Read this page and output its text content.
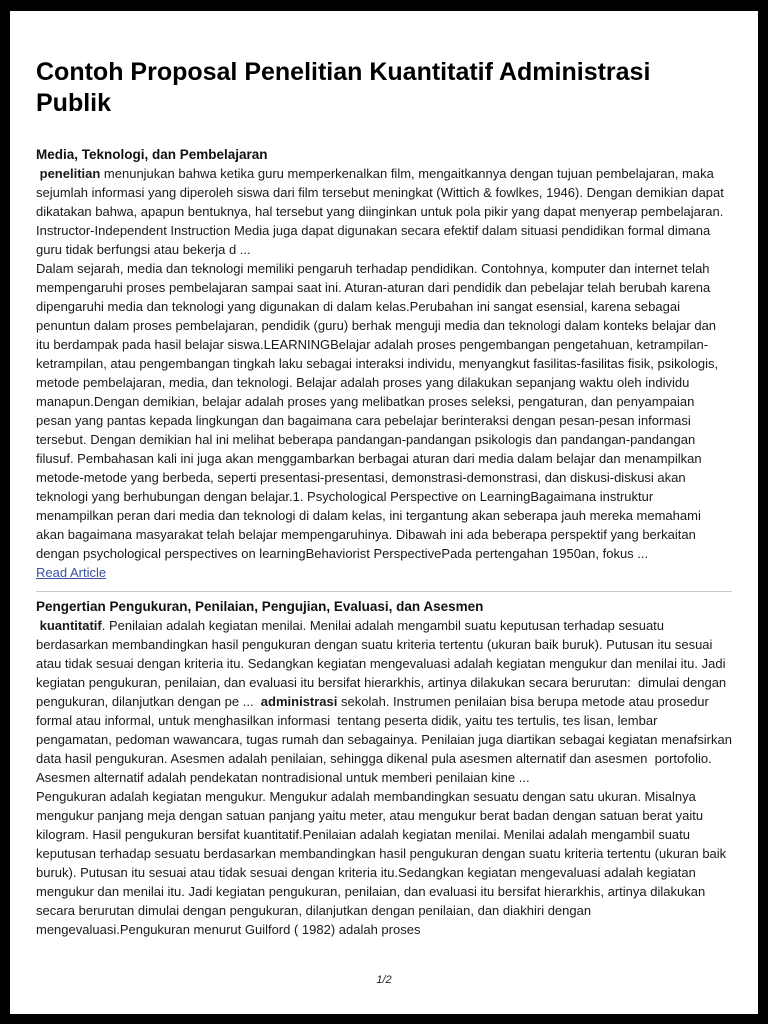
Contoh Proposal Penelitian Kuantitatif Administrasi Publik
Media, Teknologi, dan Pembelajaran

penelitian menunjukan bahwa ketika guru memperkenalkan film, mengaitkannya dengan tujuan pembelajaran, maka sejumlah informasi yang diperoleh siswa dari film tersebut meningkat (Wittich & fowlkes, 1946). Dengan demikian dapat dikatakan bahwa, apapun bentuknya, hal tersebut yang diinginkan untuk pola pikir yang dapat menyerap pembelajaran. Instructor-Independent Instruction Media juga dapat digunakan secara efektif dalam situasi pendidikan formal dimana guru tidak berfungsi atau bekerja d ...

Dalam sejarah, media dan teknologi memiliki pengaruh terhadap pendidikan. Contohnya, komputer dan internet telah mempengaruhi proses pembelajaran sampai saat ini. Aturan-aturan dari pendidik dan pebelajar telah berubah karena dipengaruhi media dan teknologi yang digunakan di dalam kelas.Perubahan ini sangat esensial, karena sebagai penuntun dalam proses pembelajaran, pendidik (guru) berhak menguji media dan teknologi dalam konteks belajar dan itu berdampak pada hasil belajar siswa.LEARNINGBelajar adalah proses pengembangan pengetahuan, ketrampilan-ketrampilan, atau pengembangan tingkah laku sebagai interaksi individu, menyangkut fasilitas-fasilitas fisik, psikologis, metode pembelajaran, media, dan teknologi. Belajar adalah proses yang dilakukan sepanjang waktu oleh individu manapun.Dengan demikian, belajar adalah proses yang melibatkan proses seleksi, pengaturan, dan penyampaian pesan yang pantas kepada lingkungan dan bagaimana cara pebelajar berinteraksi dengan pesan-pesan informasi tersebut. Dengan demikian hal ini melihat beberapa pandangan-pandangan psikologis dan pandangan-pandangan filusuf. Pembahasan kali ini juga akan menggambarkan berbagai aturan dari media dalam belajar dan menampilkan metode-metode yang berbeda, seperti presentasi-presentasi, demonstrasi-demonstrasi, dan diskusi-diskusi akan teknologi yang berhubungan dengan belajar.1. Psychological Perspective on LearningBagaimana instruktur menampilkan peran dari media dan teknologi di dalam kelas, ini tergantung akan seberapa jauh mereka memahami akan bagaimana masyarakat telah belajar mempengaruhinya. Dibawah ini ada beberapa perspektif yang berkaitan dengan psychological perspectives on learningBehaviorist PerspectivePada pertengahan 1950an, fokus ...

Read Article
Pengertian Pengukuran, Penilaian, Pengujian, Evaluasi, dan Asesmen

kuantitatif. Penilaian adalah kegiatan menilai. Menilai adalah mengambil suatu keputusan terhadap sesuatu berdasarkan membandingkan hasil pengukuran dengan suatu kriteria tertentu (ukuran baik buruk). Putusan itu sesuai atau tidak sesuai dengan kriteria itu. Sedangkan kegiatan mengevaluasi adalah kegiatan mengukur dan menilai itu. Jadi kegiatan pengukuran, penilaian, dan evaluasi itu bersifat hierarkhis, artinya dilakukan secara berurutan:  dimulai dengan pengukuran, dilanjutkan dengan pe ...  administrasi sekolah. Instrumen penilaian bisa berupa metode atau prosedur formal atau informal, untuk menghasilkan informasi  tentang peserta didik, yaitu tes tertulis, tes lisan, lembar pengamatan, pedoman wawancara, tugas rumah dan sebagainya. Penilaian juga diartikan sebagai kegiatan menafsirkan data hasil pengukuran. Asesmen adalah penilaian, sehingga dikenal pula asesmen alternatif dan asesmen  portofolio. Asesmen alternatif adalah pendekatan nontradisional untuk memberi penilaian kine ...

Pengukuran adalah kegiatan mengukur. Mengukur adalah membandingkan sesuatu dengan satu ukuran. Misalnya mengukur panjang meja dengan satuan panjang yaitu meter, atau mengukur berat badan dengan satuan berat yaitu kilogram. Hasil pengukuran bersifat kuantitatif.Penilaian adalah kegiatan menilai. Menilai adalah mengambil suatu keputusan terhadap sesuatu berdasarkan membandingkan hasil pengukuran dengan suatu kriteria tertentu (ukuran baik buruk). Putusan itu sesuai atau tidak sesuai dengan kriteria itu.Sedangkan kegiatan mengevaluasi adalah kegiatan mengukur dan menilai itu. Jadi kegiatan pengukuran, penilaian, dan evaluasi itu bersifat hierarkhis, artinya dilakukan secara berurutan dimulai dengan pengukuran, dilanjutkan dengan penilaian, dan diakhiri dengan mengevaluasi.Pengukuran menurut Guilford ( 1982) adalah proses

1/2
